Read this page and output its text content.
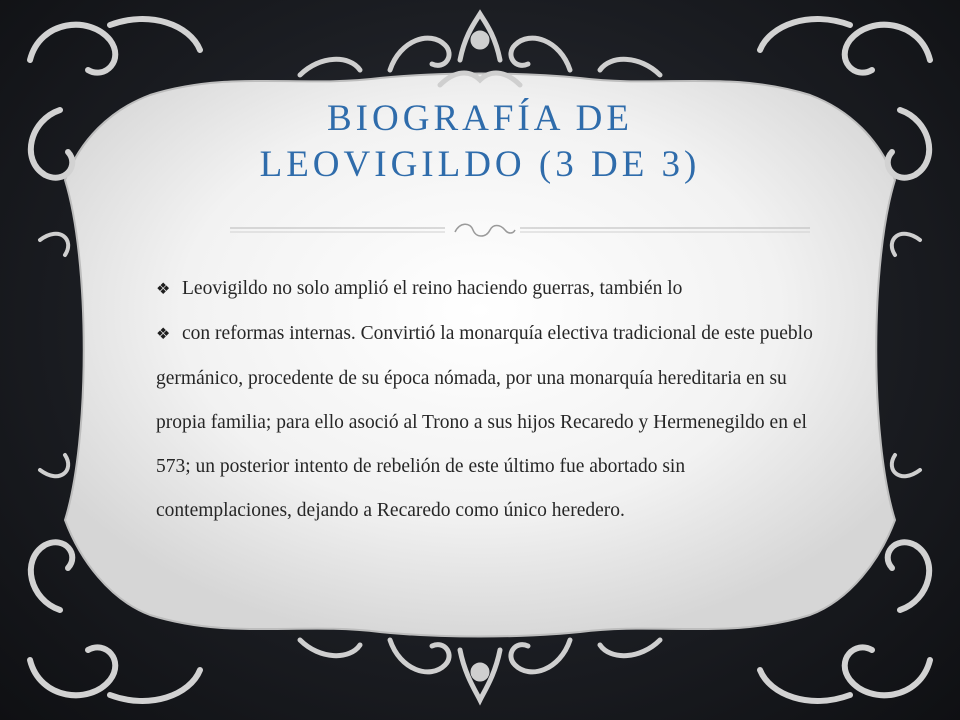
BIOGRAFÍA DE
LEOVIGILDO (3 DE 3)

❖ Leovigildo no solo amplió el reino haciendo guerras, también lo

❖ con reformas internas. Convirtió la monarquía electiva tradicional de este pueblo germánico, procedente de su época nómada, por una monarquía hereditaria en su propia familia; para ello asoció al Trono a sus hijos Recaredo y Hermenegildo en el 573; un posterior intento de rebelión de este último fue abortado sin contemplaciones, dejando a Recaredo como único heredero.
